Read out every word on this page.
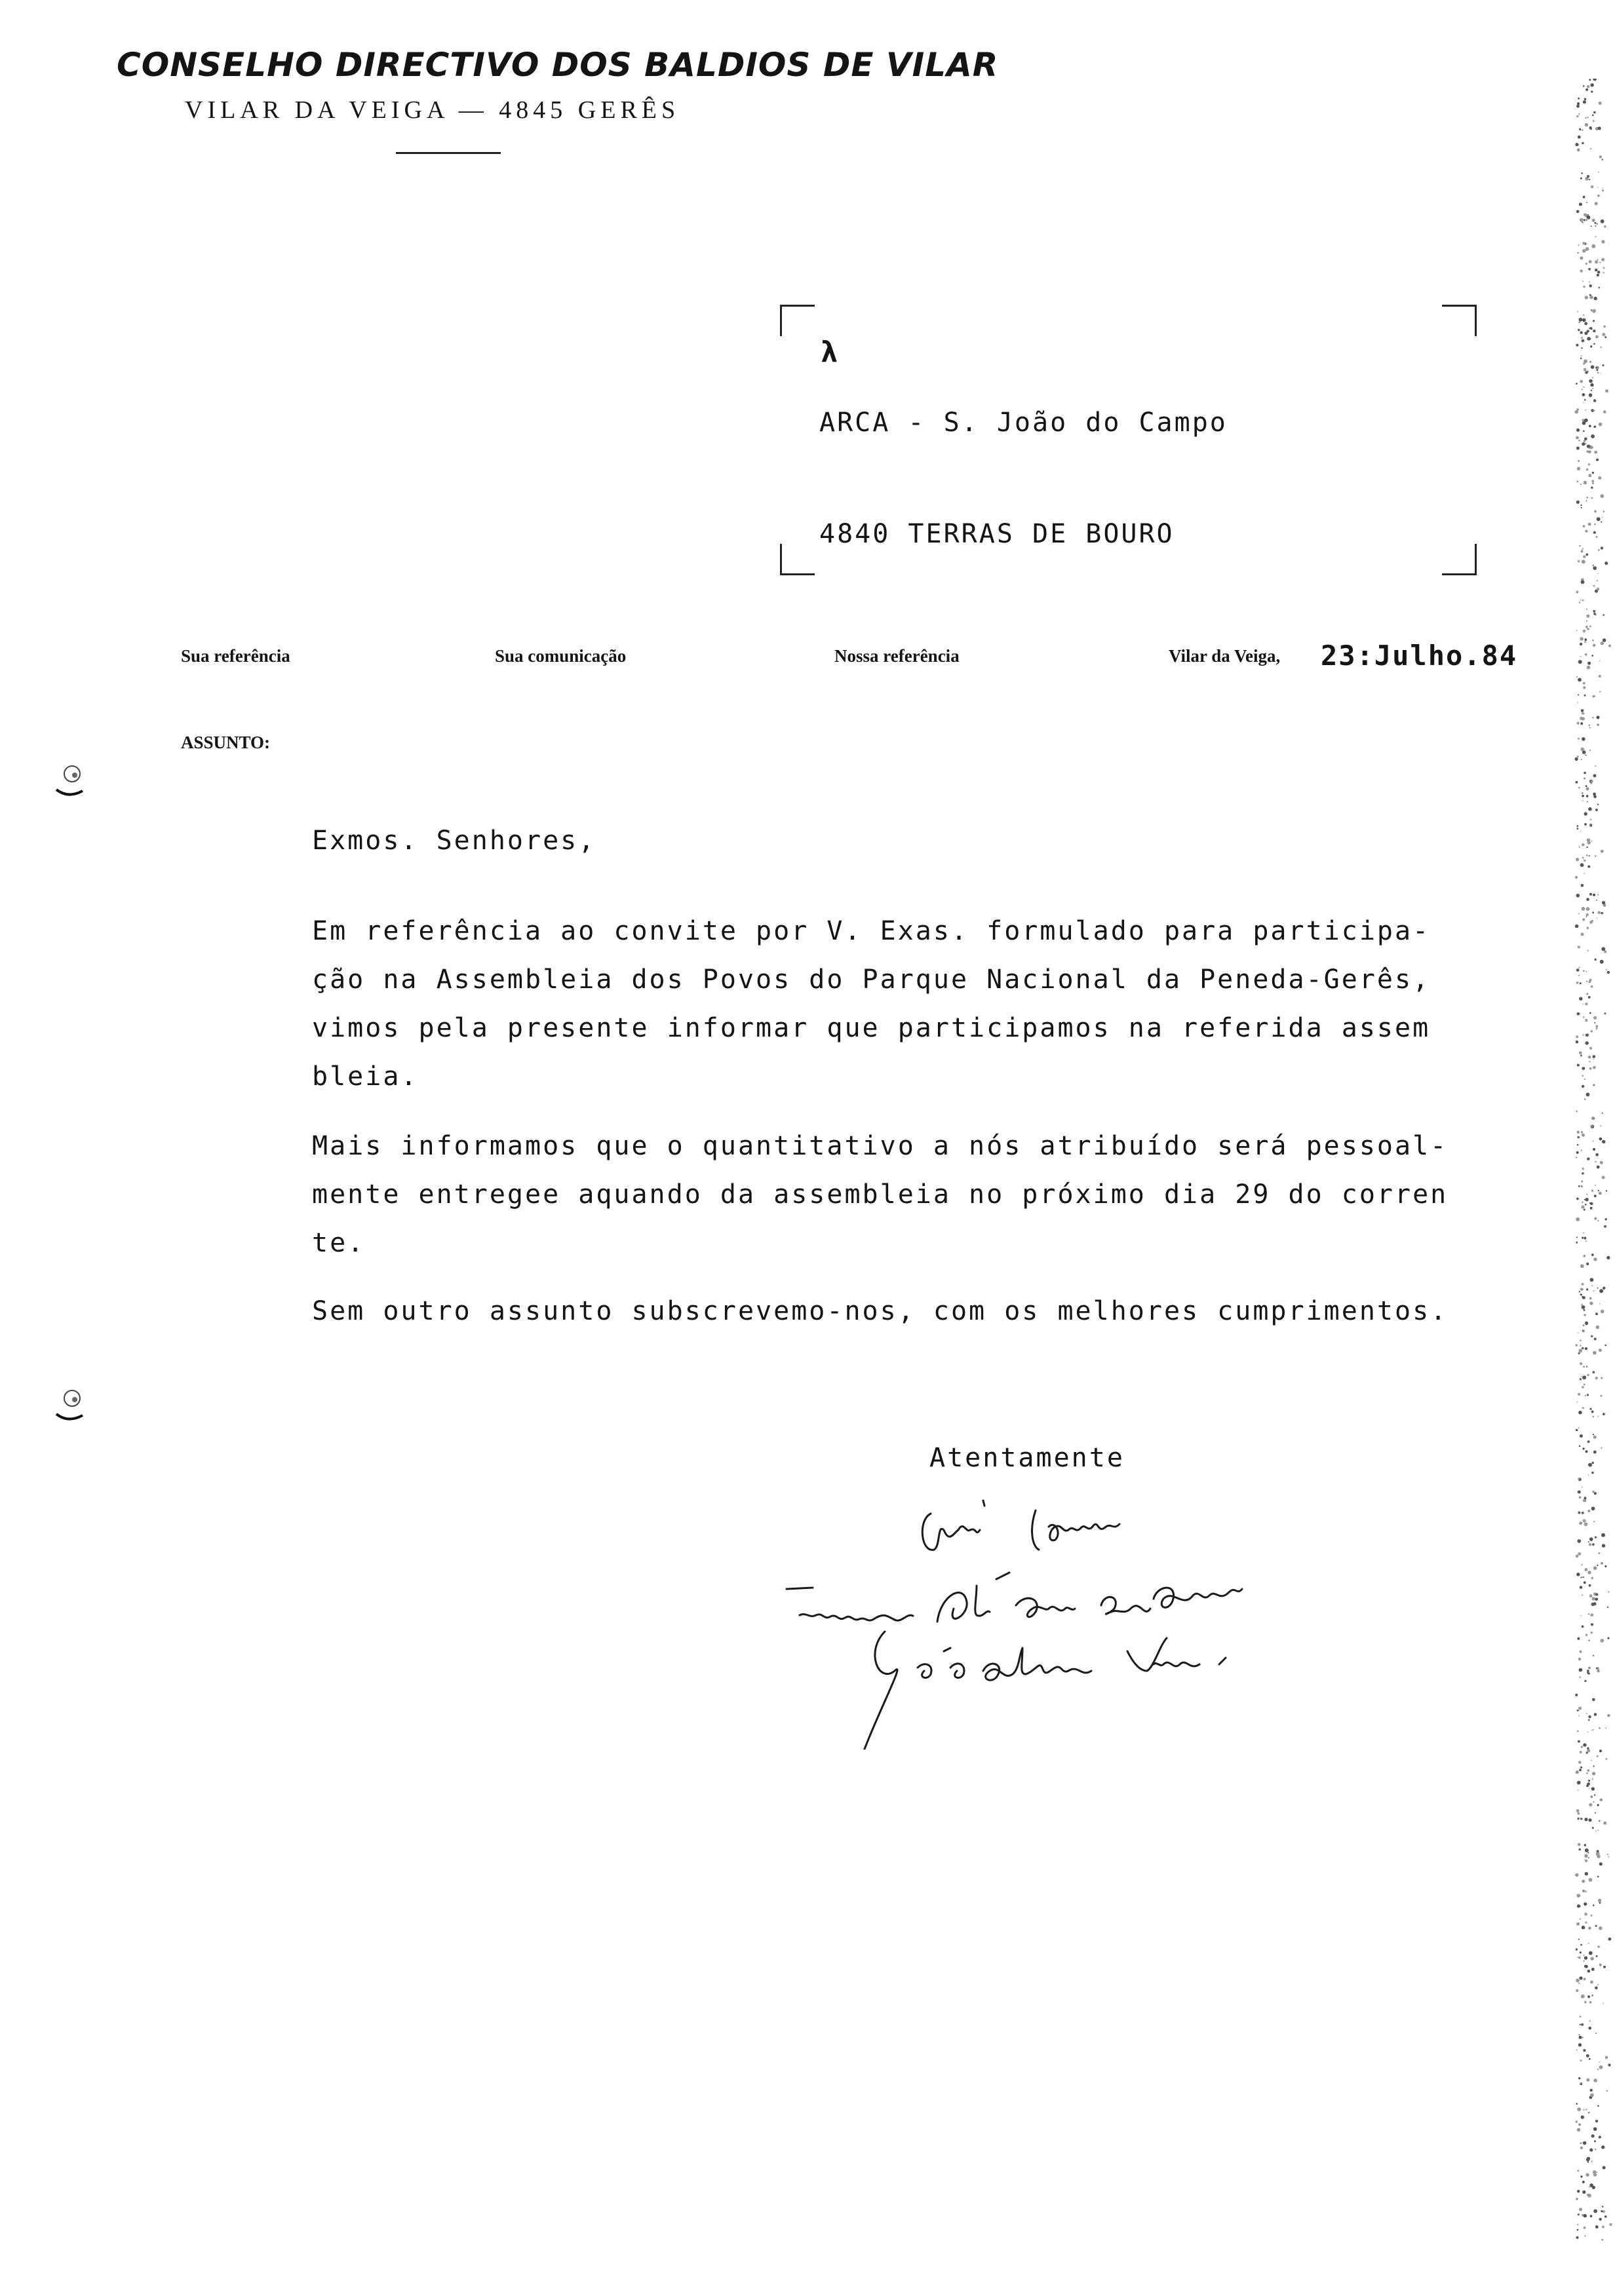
CONSELHO DIRECTIVO DOS BALDIOS DE VILAR
VILAR DA VEIGA — 4845 GERÊS
λ
ARCA - S. João do Campo
4840 TERRAS DE BOURO
Sua referência	Sua comunicação	Nossa referência	Vilar da Veiga, 23:Julho.84
ASSUNTO:
Exmos. Senhores,
Em referência ao convite por V. Exas. formulado para participa-
ção na Assembleia dos Povos do Parque Nacional da Peneda-Gerês,
vimos pela presente informar que participamos na referida assem
bleia.
Mais informamos que o quantitativo a nós atribuído será pessoal-
mente entregee aquando da assembleia no próximo dia 29 do corren
te.
Sem outro assunto subscrevemo-nos, com os melhores cumprimentos.
Atentamente
